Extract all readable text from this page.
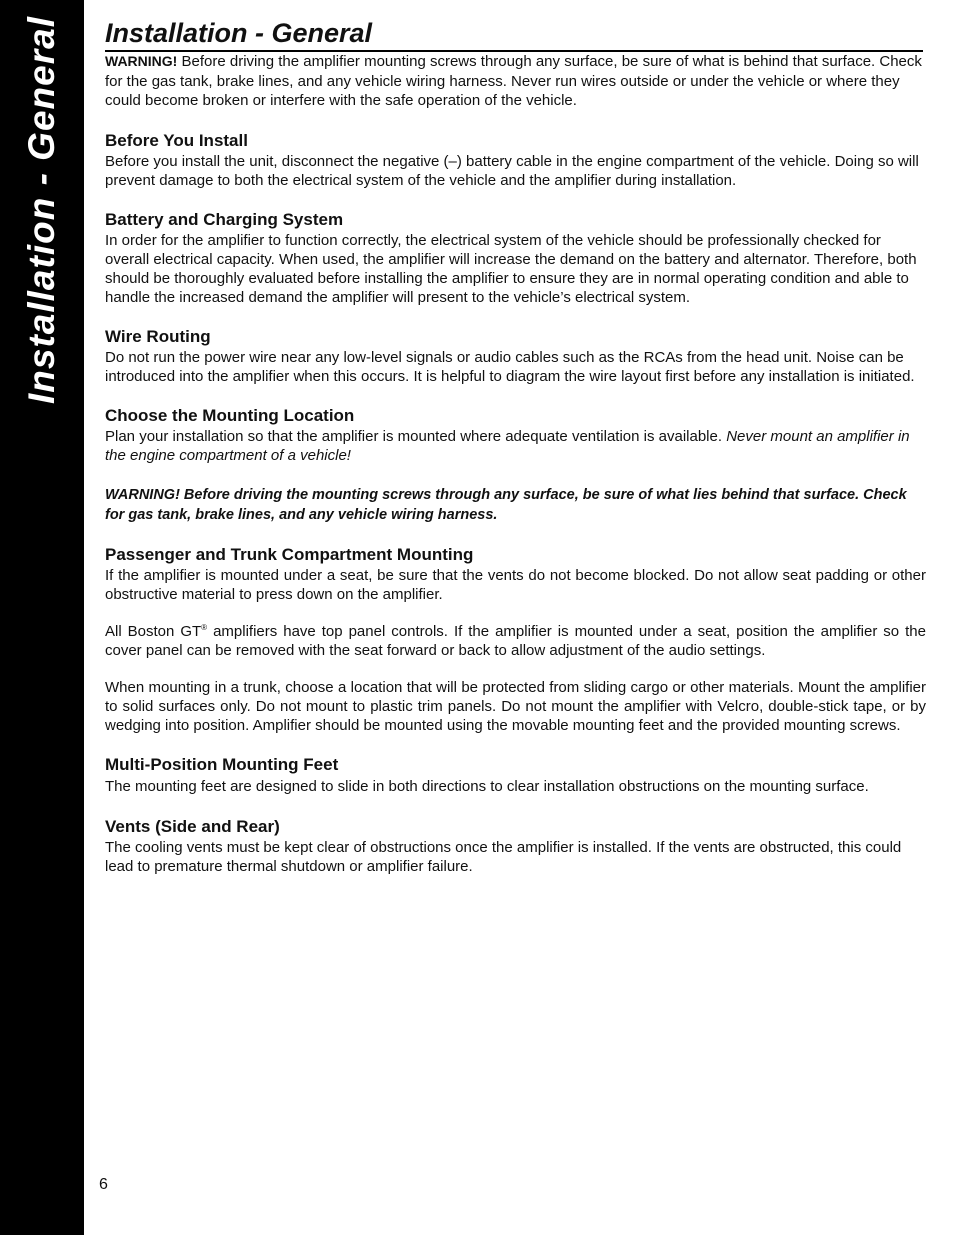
Installation - General Installation - General

WARNING! Before driving the amplifier mounting screws through any surface, be sure of what is behind that surface. Check for the gas tank, brake lines, and any vehicle wiring harness. Never run wires outside or under the vehicle or where they could become broken or interfere with the safe operation of the vehicle.

Before You Install

Before you install the unit, disconnect the negative (–) battery cable in the engine compartment of the vehicle. Doing so will prevent damage to both the electrical system of the vehicle and the amplifier during installation.

Battery and Charging System

In order for the amplifier to function correctly, the electrical system of the vehicle should be professionally checked for overall electrical capacity. When used, the amplifier will increase the demand on the battery and alternator. Therefore, both should be thoroughly evaluated before installing the amplifier to ensure they are in normal operating condition and able to handle the increased demand the amplifier will present to the vehicle’s electrical system.

Wire Routing

Do not run the power wire near any low-level signals or audio cables such as the RCAs from the head unit. Noise can be introduced into the amplifier when this occurs. It is helpful to diagram the wire layout first before any installation is initiated.

Choose the Mounting Location

Plan your installation so that the amplifier is mounted where adequate ventilation is available. Never mount an amplifier in the engine compartment of a vehicle!

WARNING! Before driving the mounting screws through any surface, be sure of what lies behind that surface. Check for gas tank, brake lines, and any vehicle wiring harness.

Passenger and Trunk Compartment Mounting

If the amplifier is mounted under a seat, be sure that the vents do not become blocked. Do not allow seat padding or other obstructive material to press down on the amplifier.

All Boston GT® amplifiers have top panel controls. If the amplifier is mounted under a seat, position the amplifier so the cover panel can be removed with the seat forward or back to allow adjustment of the audio settings.

When mounting in a trunk, choose a location that will be protected from sliding cargo or other materials. Mount the amplifier to solid surfaces only. Do not mount to plastic trim panels. Do not mount the amplifier with Velcro, double-stick tape, or by wedging into position. Amplifier should be mounted using the movable mounting feet and the provided mounting screws.

Multi-Position Mounting Feet

The mounting feet are designed to slide in both directions to clear installation obstructions on the mounting surface.

Vents (Side and Rear)

The cooling vents must be kept clear of obstructions once the amplifier is installed. If the vents are obstructed, this could lead to premature thermal shutdown or amplifier failure.

6
